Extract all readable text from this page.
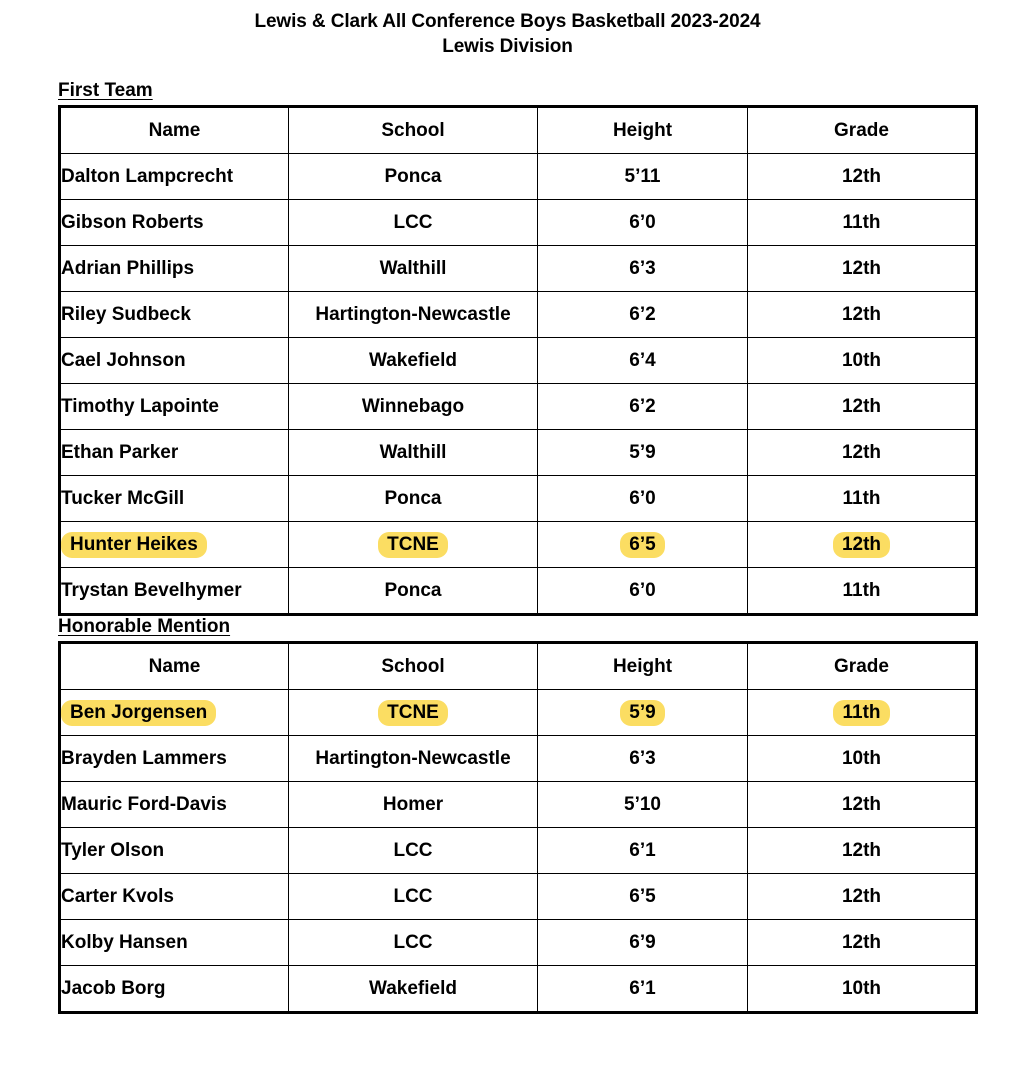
Lewis & Clark All Conference Boys Basketball 2023-2024
Lewis Division
First Team
Name	School	Height	Grade
Dalton Lampcrecht	Ponca	5’11	12th
Gibson Roberts	LCC	6’0	11th
Adrian Phillips	Walthill	6’3	12th
Riley Sudbeck	Hartington-Newcastle	6’2	12th
Cael Johnson	Wakefield	6’4	10th
Timothy Lapointe	Winnebago	6’2	12th
Ethan Parker	Walthill	5’9	12th
Tucker McGill	Ponca	6’0	11th
Hunter Heikes	TCNE	6’5	12th
Trystan Bevelhymer	Ponca	6’0	11th
Honorable Mention
Name	School	Height	Grade
Ben Jorgensen	TCNE	5’9	11th
Brayden Lammers	Hartington-Newcastle	6’3	10th
Mauric Ford-Davis	Homer	5’10	12th
Tyler Olson	LCC	6’1	12th
Carter Kvols	LCC	6’5	12th
Kolby Hansen	LCC	6’9	12th
Jacob Borg	Wakefield	6’1	10th
